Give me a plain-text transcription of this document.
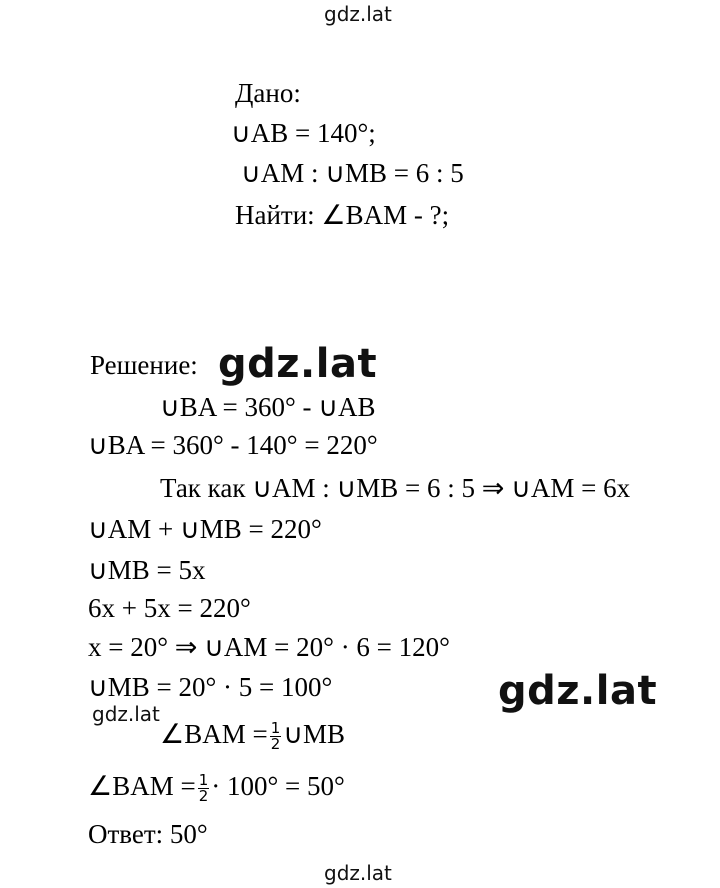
gdz.lat
Дано:
∪AB = 140°;
∪AM : ∪MB = 6 : 5
Найти: ∠BAM - ?;
Решение: gdz.lat
∪BA = 360° - ∪AB
∪BA = 360° - 140° = 220°
Так как ∪AM : ∪MB = 6 : 5 ⇒ ∪AM = 6x
∪AM + ∪MB = 220°
∪MB = 5x
6x + 5x = 220°
x = 20° ⇒ ∪AM = 20° · 6 = 120°
∪MB = 20° · 5 = 100°	gdz.lat
gdz.lat
∠BAM = $\frac{1}{2}$ ∪MB
∠BAM = $\frac{1}{2} \cdot 100^\circ = 50^\circ$
Ответ: 50°
gdz.lat
